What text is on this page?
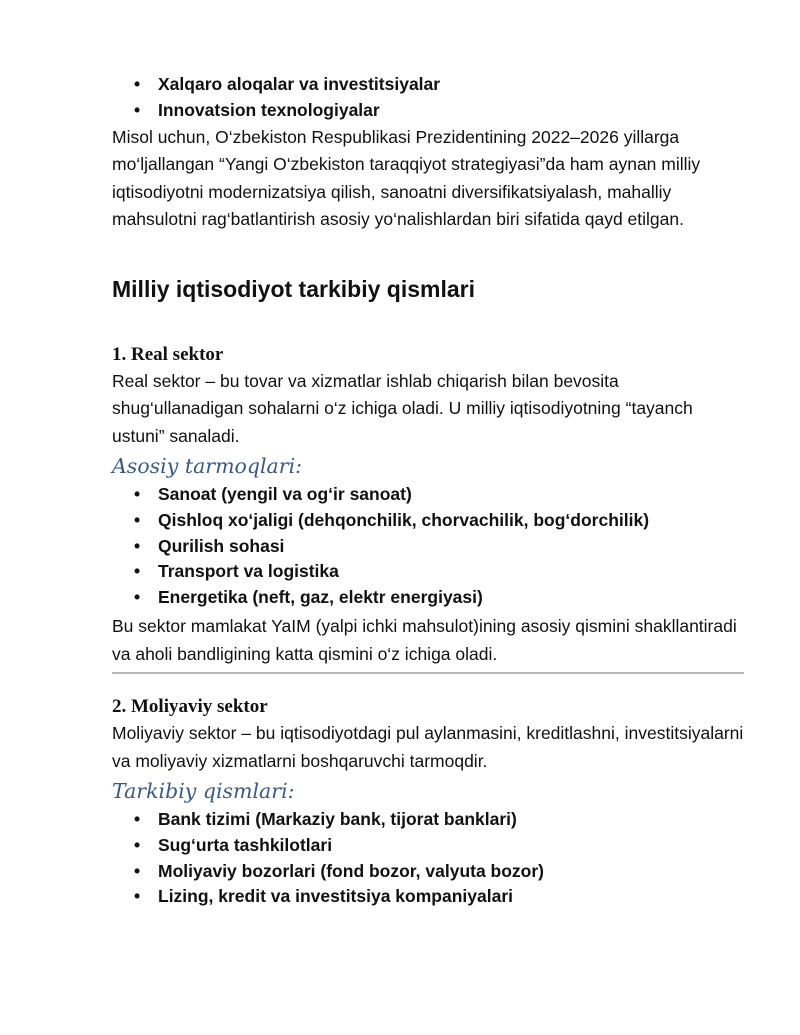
• Xalqaro aloqalar va investitsiyalar
• Innovatsion texnologiyalar

Misol uchun, O‘zbekiston Respublikasi Prezidentining 2022–2026 yillarga mo‘ljallangan “Yangi O‘zbekiston taraqqiyot strategiyasi”da ham aynan milliy iqtisodiyotni modernizatsiya qilish, sanoatni diversifikatsiyalash, mahalliy mahsulotni rag‘batlantirish asosiy yo‘nalishlardan biri sifatida qayd etilgan.

Milliy iqtisodiyot tarkibiy qismlari
1. Real sektor

Real sektor – bu tovar va xizmatlar ishlab chiqarish bilan bevosita shug‘ullanadigan sohalarni o‘z ichiga oladi. U milliy iqtisodiyotning “tayanch ustuni” sanaladi.

Asosiy tarmoqlari:
• Sanoat (yengil va og‘ir sanoat)
• Qishloq xo‘jaligi (dehqonchilik, chorvachilik, bog‘dorchilik)
• Qurilish sohasi
• Transport va logistika
• Energetika (neft, gaz, elektr energiyasi)

Bu sektor mamlakat YaIM (yalpi ichki mahsulot)ining asosiy qismini shakllantiradi va aholi bandligining katta qismini o‘z ichiga oladi.

2. Moliyaviy sektor

Moliyaviy sektor – bu iqtisodiyotdagi pul aylanmasini, kreditlashni, investitsiyalarni va moliyaviy xizmatlarni boshqaruvchi tarmoqdir.

Tarkibiy qismlari:
• Bank tizimi (Markaziy bank, tijorat banklari)
• Sug‘urta tashkilotlari
• Moliyaviy bozorlari (fond bozor, valyuta bozor)
• Lizing, kredit va investitsiya kompaniyalari
